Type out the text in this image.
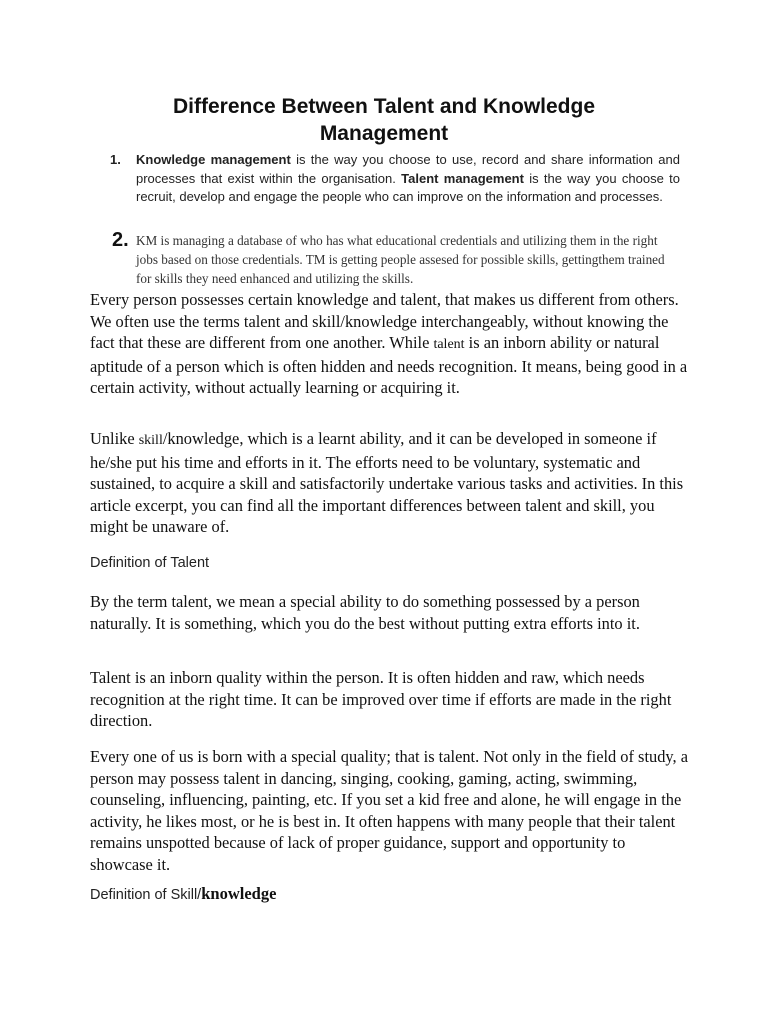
Difference Between Talent and Knowledge
Management
1. Knowledge management is the way you choose to use, record and share information and processes that exist within the organisation. Talent management is the way you choose to recruit, develop and engage the people who can improve on the information and processes.
2. KM is managing a database of who has what educational credentials and utilizing them in the right jobs based on those credentials. TM is getting people assesed for possible skills, gettingthem trained for skills they need enhanced and utilizing the skills.

Every person possesses certain knowledge and talent, that makes us different from others. We often use the terms talent and skill/knowledge interchangeably, without knowing the fact that these are different from one another. While talent is an inborn ability or natural aptitude of a person which is often hidden and needs recognition. It means, being good in a certain activity, without actually learning or acquiring it.

Unlike skill/knowledge, which is a learnt ability, and it can be developed in someone if he/she put his time and efforts in it. The efforts need to be voluntary, systematic and sustained, to acquire a skill and satisfactorily undertake various tasks and activities. In this article excerpt, you can find all the important differences between talent and skill, you might be unaware of.

Definition of Talent

By the term talent, we mean a special ability to do something possessed by a person naturally. It is something, which you do the best without putting extra efforts into it.

Talent is an inborn quality within the person. It is often hidden and raw, which needs recognition at the right time. It can be improved over time if efforts are made in the right direction.

Every one of us is born with a special quality; that is talent. Not only in the field of study, a person may possess talent in dancing, singing, cooking, gaming, acting, swimming, counseling, influencing, painting, etc. If you set a kid free and alone, he will engage in the activity, he likes most, or he is best in. It often happens with many people that their talent remains unspotted because of lack of proper guidance, support and opportunity to showcase it.

Definition of Skill/knowledge
